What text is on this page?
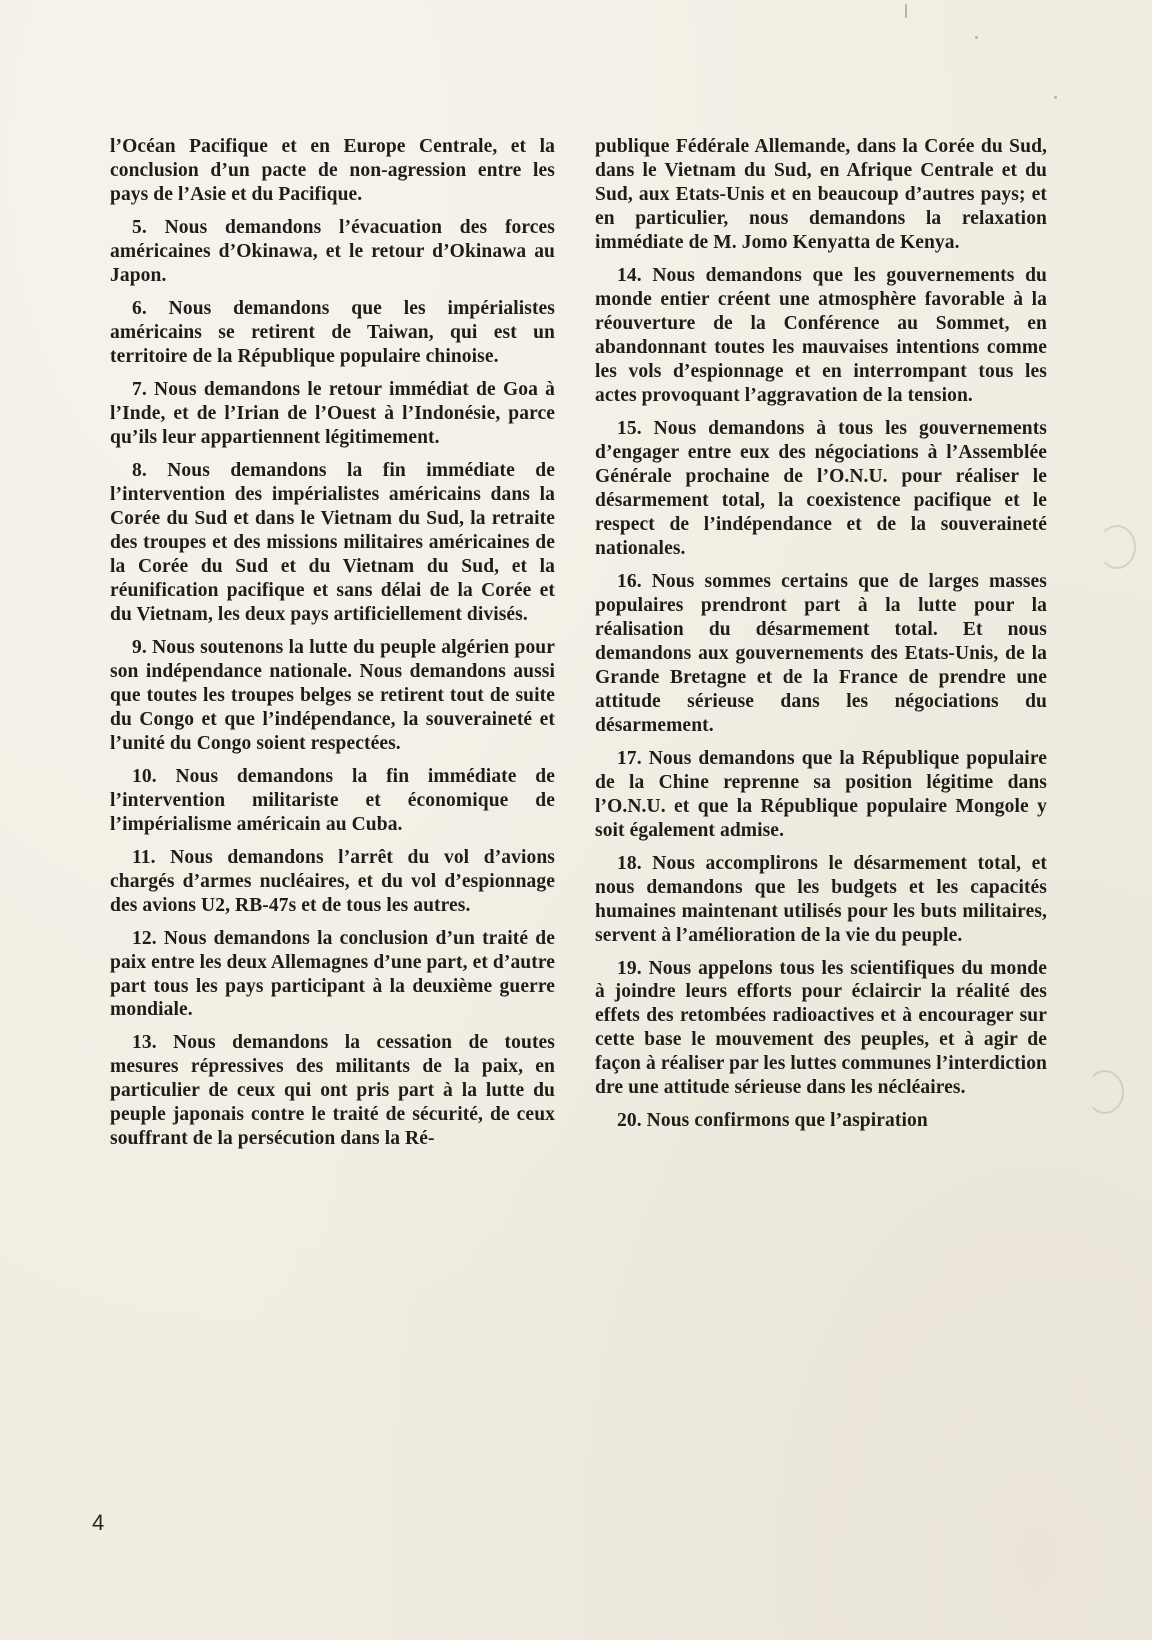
l’Océan Pacifique et en Europe Centrale, et la conclusion d’un pacte de non-agression entre les pays de l’Asie et du Pacifique.

5. Nous demandons l’évacuation des forces américaines d’Okinawa, et le retour d’Okinawa au Japon.

6. Nous demandons que les impérialistes américains se retirent de Taiwan, qui est un territoire de la République populaire chinoise.

7. Nous demandons le retour immédiat de Goa à l’Inde, et de l’Irian de l’Ouest à l’Indonésie, parce qu’ils leur appartiennent légitimement.

8. Nous demandons la fin immédiate de l’intervention des impérialistes américains dans la Corée du Sud et dans le Vietnam du Sud, la retraite des troupes et des missions militaires américaines de la Corée du Sud et du Vietnam du Sud, et la réunification pacifique et sans délai de la Corée et du Vietnam, les deux pays artificiellement divisés.

9. Nous soutenons la lutte du peuple algérien pour son indépendance nationale. Nous demandons aussi que toutes les troupes belges se retirent tout de suite du Congo et que l’indépendance, la souveraineté et l’unité du Congo soient respectées.

10. Nous demandons la fin immédiate de l’intervention militariste et économique de l’impérialisme américain au Cuba.

11. Nous demandons l’arrêt du vol d’avions chargés d’armes nucléaires, et du vol d’espionnage des avions U2, RB-47s et de tous les autres.

12. Nous demandons la conclusion d’un traité de paix entre les deux Allemagnes d’une part, et d’autre part tous les pays participant à la deuxième guerre mondiale.

13. Nous demandons la cessation de toutes mesures répressives des militants de la paix, en particulier de ceux qui ont pris part à la lutte du peuple japonais contre le traité de sécurité, de ceux souffrant de la persécution dans la Ré-

publique Fédérale Allemande, dans la Corée du Sud, dans le Vietnam du Sud, en Afrique Centrale et du Sud, aux Etats-Unis et en beaucoup d’autres pays; et en particulier, nous demandons la relaxation immédiate de M. Jomo Kenyatta de Kenya.

14. Nous demandons que les gouvernements du monde entier créent une atmosphère favorable à la réouverture de la Conférence au Sommet, en abandonnant toutes les mauvaises intentions comme les vols d’espionnage et en interrompant tous les actes provoquant l’aggravation de la tension.

15. Nous demandons à tous les gouvernements d’engager entre eux des négociations à l’Assemblée Générale prochaine de l’O.N.U. pour réaliser le désarmement total, la coexistence pacifique et le respect de l’indépendance et de la souveraineté nationales.

16. Nous sommes certains que de larges masses populaires prendront part à la lutte pour la réalisation du désarmement total. Et nous demandons aux gouvernements des Etats-Unis, de la Grande Bretagne et de la France de prendre une attitude sérieuse dans les négociations du désarmement.

17. Nous demandons que la République populaire de la Chine reprenne sa position légitime dans l’O.N.U. et que la République populaire Mongole y soit également admise.

18. Nous accomplirons le désarmement total, et nous demandons que les budgets et les capacités humaines maintenant utilisés pour les buts militaires, servent à l’amélioration de la vie du peuple.

19. Nous appelons tous les scientifiques du monde à joindre leurs efforts pour éclaircir la réalité des effets des retombées radioactives et à encourager sur cette base le mouvement des peuples, et à agir de façon à réaliser par les luttes communes l’interdiction dre une attitude sérieuse dans les nécléaires.

20. Nous confirmons que l’aspiration

4
